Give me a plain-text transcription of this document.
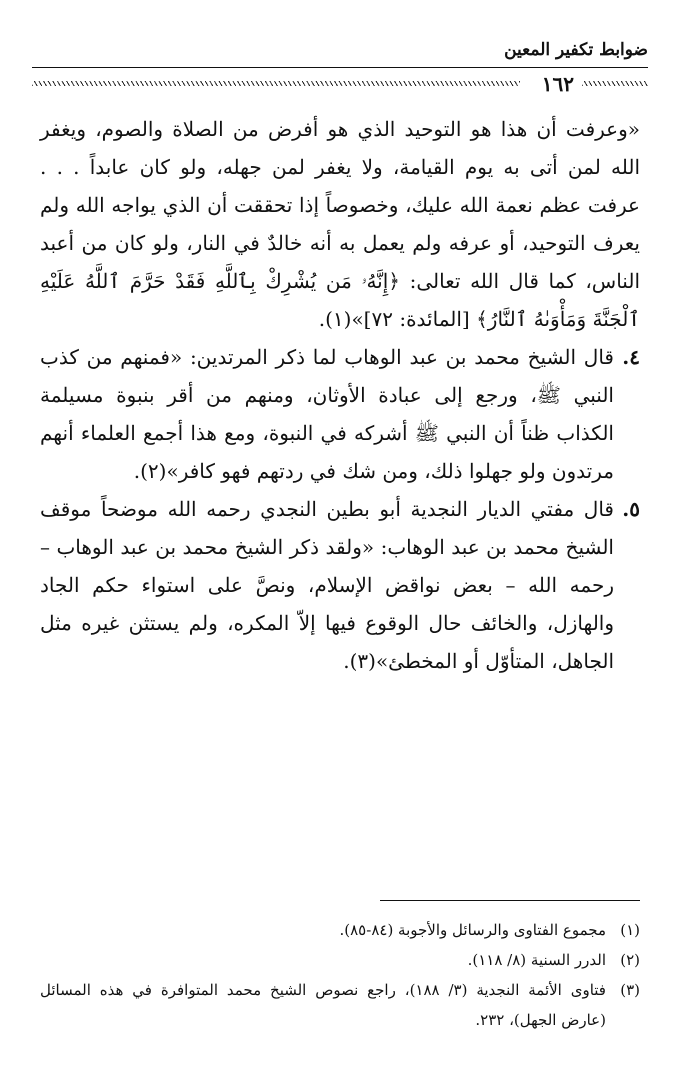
ضوابط تكفير المعين
١٦٢

«وعرفت أن هذا هو التوحيد الذي هو أفرض من الصلاة والصوم، ويغفر الله لمن أتى به يوم القيامة، ولا يغفر لمن جهله، ولو كان عابداً . . . عرفت عظم نعمة الله عليك، وخصوصاً إذا تحققت أن الذي يواجه الله ولم يعرف التوحيد، أو عرفه ولم يعمل به أنه خالدٌ في النار، ولو كان من أعبد الناس، كما قال الله تعالى: ﴿إِنَّهُۥ مَن يُشْرِكْ بِٱللَّهِ فَقَدْ حَرَّمَ ٱللَّهُ عَلَيْهِ ٱلْجَنَّةَ وَمَأْوَىٰهُ ٱلنَّارُ﴾ [المائدة: ٧٢]»(١).

٤.
قال الشيخ محمد بن عبد الوهاب لما ذكر المرتدين: «فمنهم من كذب النبي ﷺ، ورجع إلى عبادة الأوثان، ومنهم من أقر بنبوة مسيلمة الكذاب ظناً أن النبي ﷺ أشركه في النبوة، ومع هذا أجمع العلماء أنهم مرتدون ولو جهلوا ذلك، ومن شك في ردتهم فهو كافر»(٢).
٥.
قال مفتي الديار النجدية أبو بطين النجدي رحمه الله موضحاً موقف الشيخ محمد بن عبد الوهاب: «ولقد ذكر الشيخ محمد بن عبد الوهاب – رحمه الله – بعض نواقض الإسلام، ونصَّ على استواء حكم الجاد والهازل، والخائف حال الوقوع فيها إلاّ المكره، ولم يستثن غيره مثل الجاهل، المتأوّل أو المخطئ»(٣).
(١)
مجموع الفتاوى والرسائل والأجوبة (٨٤-٨٥).
(٢)
الدرر السنية (٨/ ١١٨).
(٣)
فتاوى الأئمة النجدية (٣/ ١٨٨)، راجع نصوص الشيخ محمد المتوافرة في هذه المسائل (عارض الجهل)، ٢٣٢.
